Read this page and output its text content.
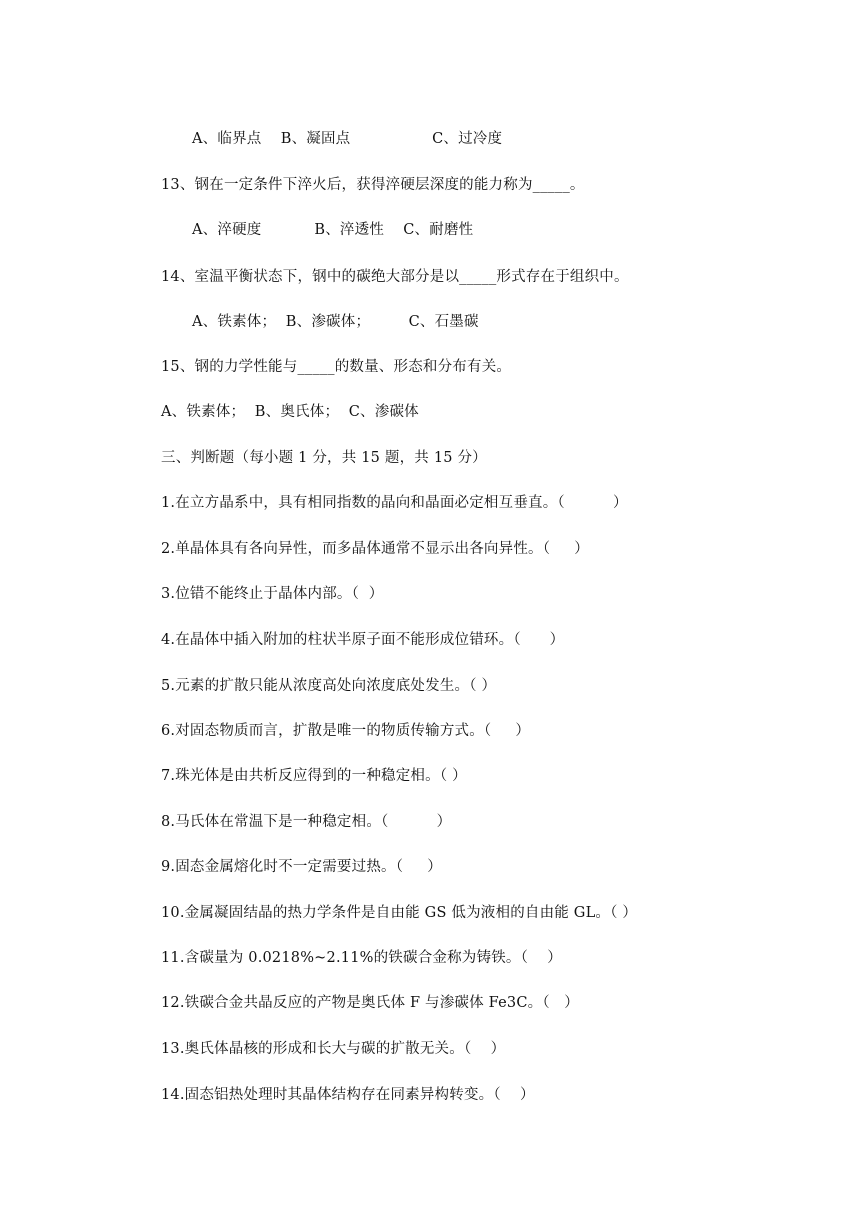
A、临界点    B、凝固点                 C、过冷度
13、钢在一定条件下淬火后，获得淬硬层深度的能力称为_____。
A、淬硬度           B、淬透性    C、耐磨性
14、室温平衡状态下，钢中的碳绝大部分是以_____形式存在于组织中。
A、铁素体；  B、渗碳体；        C、石墨碳
15、钢的力学性能与_____的数量、形态和分布有关。
A、铁素体；  B、奥氏体；  C、渗碳体
三、判断题（每小题 1 分，共 15 题，共 15 分）
1.在立方晶系中，具有相同指数的晶向和晶面必定相互垂直。（          ）
2.单晶体具有各向异性，而多晶体通常不显示出各向异性。（     ）
3.位错不能终止于晶体内部。（  ）
4.在晶体中插入附加的柱状半原子面不能形成位错环。（      ）
5.元素的扩散只能从浓度高处向浓度底处发生。（ ）
6.对固态物质而言，扩散是唯一的物质传输方式。（     ）
7.珠光体是由共析反应得到的一种稳定相。（ ）
8.马氏体在常温下是一种稳定相。（          ）
9.固态金属熔化时不一定需要过热。（     ）
10.金属凝固结晶的热力学条件是自由能 GS 低为液相的自由能 GL。（ ）
11.含碳量为 0.0218%~2.11%的铁碳合金称为铸铁。（    ）
12.铁碳合金共晶反应的产物是奥氏体 F 与渗碳体 Fe3C。（   ）
13.奥氏体晶核的形成和长大与碳的扩散无关。（    ）
14.固态铝热处理时其晶体结构存在同素异构转变。（    ）
